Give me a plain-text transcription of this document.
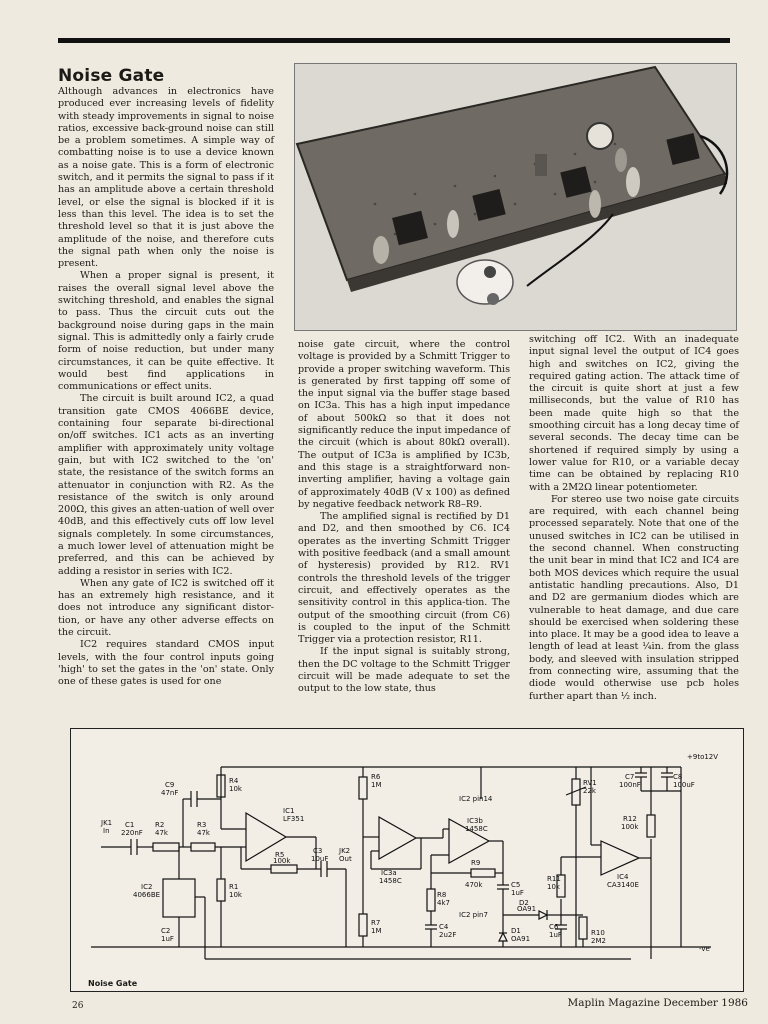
Noise Gate

Although advances in electronics have produced ever increasing levels of fidelity with steady improvements in signal to noise ratios, excessive back-ground noise can still be a problem sometimes. A simple way of combatting noise is to use a device known as a noise gate. This is a form of electronic switch, and it permits the signal to pass if it has an amplitude above a certain threshold level, or else the signal is blocked if it is less than this level. The idea is to set the threshold level so that it is just above the amplitude of the noise, and therefore cuts the signal path when only the noise is present.

When a proper signal is present, it raises the overall signal level above the switching threshold, and enables the signal to pass. Thus the circuit cuts out the background noise during gaps in the main signal. This is admittedly only a fairly crude form of noise reduction, but under many circumstances, it can be quite effective. It would best find applications in communications or effect units.

The circuit is built around IC2, a quad transition gate CMOS 4066BE device, containing four separate bi-directional on/off switches. IC1 acts as an inverting amplifier with approximately unity voltage gain, but with IC2 switched to the 'on' state, the resistance of the switch forms an attenuator in conjunction with R2. As the resistance of the switch is only around 200Ω, this gives an atten-uation of well over 40dB, and this effectively cuts off low level signals completely. In some circumstances, a much lower level of attenuation might be preferred, and this can be achieved by adding a resistor in series with IC2.

When any gate of IC2 is switched off it has an extremely high resistance, and it does not introduce any significant distor-tion, or have any other adverse effects on the circuit.

IC2 requires standard CMOS input levels, with the four control inputs going 'high' to set the gates in the 'on' state. Only one of these gates is used for one

noise gate circuit, where the control voltage is provided by a Schmitt Trigger to provide a proper switching waveform. This is generated by first tapping off some of the input signal via the buffer stage based on IC3a. This has a high input impedance of about 500kΩ so that it does not significantly reduce the input impedance of the circuit (which is about 80kΩ overall). The output of IC3a is amplified by IC3b, and this stage is a straightforward non-inverting amplifier, having a voltage gain of approximately 40dB (V x 100) as defined by negative feedback network R8–R9.

The amplified signal is rectified by D1 and D2, and then smoothed by C6. IC4 operates as the inverting Schmitt Trigger with positive feedback (and a small amount of hysteresis) provided by R12. RV1 controls the threshold levels of the trigger circuit, and effectively operates as the sensitivity control in this applica-tion. The output of the smoothing circuit (from C6) is coupled to the input of the Schmitt Trigger via a protection resistor, R11.

If the input signal is suitably strong, then the DC voltage to the Schmitt Trigger circuit will be made adequate to set the output to the low state, thus

switching off IC2. With an inadequate input signal level the output of IC4 goes high and switches on IC2, giving the required gating action. The attack time of the circuit is quite short at just a few milliseconds, but the value of R10 has been made quite high so that the smoothing circuit has a long decay time of several seconds. The decay time can be shortened if required simply by using a lower value for R10, or a variable decay time can be obtained by replacing R10 with a 2M2Ω linear potentiometer.

For stereo use two noise gate circuits are required, with each channel being processed separately. Note that one of the unused switches in IC2 can be utilised in the second channel. When constructing the unit bear in mind that IC2 and IC4 are both MOS devices which require the usual antistatic handling precautions. Also, D1 and D2 are germanium diodes which are vulnerable to heat damage, and due care should be exercised when soldering these into place. It may be a good idea to leave a length of lead at least ¼in. from the glass body, and sleeved with insulation stripped from connecting wire, assuming that the diode would otherwise use pcb holes further apart than ½ inch.

JK1
In
C1
220nF
R2
47k
C9
47nF
R3
47k
R4
10k
IC1
LF351
R5
100k
C3
10uF
JK2
Out
R1
10k
IC2
4066BE
C2
1uF
R6
1M
R7
1M
IC3a
1458C
IC2 pin14
IC3b
1458C
R9
470k
R8
4k7
C4
2u2F
IC2 pin7
C5
1uF
D2
OA91
D1
OA91
C6
1uF
R11
10k
R10
2M2
RV1
22k
C7
100nF
C8
100uF
R12
100k
IC4
CA3140E
+9to12V
-ve
Noise Gate
26	Maplin Magazine December 1986
